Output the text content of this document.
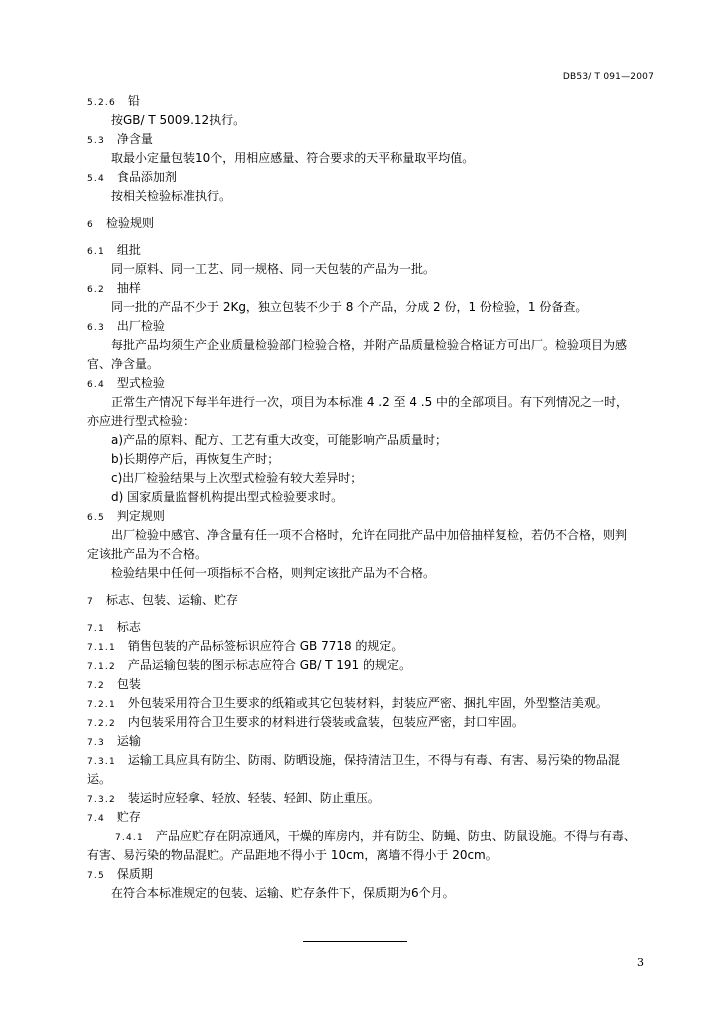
DB53/ T 091—2007
5.2.6 铅
按GB/ T 5009.12执行。
5.3 净含量
取最小定量包装10个，用相应感量、符合要求的天平称量取平均值。
5.4 食品添加剂
按相关检验标准执行。
6 检验规则
6.1 组批
同一原料、同一工艺、同一规格、同一天包装的产品为一批。
6.2 抽样
同一批的产品不少于 2Kg，独立包装不少于 8 个产品，分成 2 份，1 份检验，1 份备查。
6.3 出厂检验
每批产品均须生产企业质量检验部门检验合格，并附产品质量检验合格证方可出厂。检验项目为感
官、净含量。
6.4 型式检验
正常生产情况下每半年进行一次，项目为本标准 4 .2 至 4 .5 中的全部项目。有下列情况之一时，
亦应进行型式检验：
a)产品的原料、配方、工艺有重大改变，可能影响产品质量时；
b)长期停产后，再恢复生产时；
c)出厂检验结果与上次型式检验有较大差异时；
d) 国家质量监督机构提出型式检验要求时。
6.5 判定规则
出厂检验中感官、净含量有任一项不合格时，允许在同批产品中加倍抽样复检，若仍不合格，则判
定该批产品为不合格。
检验结果中任何一项指标不合格，则判定该批产品为不合格。
7 标志、包装、运输、贮存
7.1 标志
7.1.1 销售包装的产品标签标识应符合 GB 7718 的规定。
7.1.2 产品运输包装的图示标志应符合 GB/ T 191 的规定。
7.2 包装
7.2.1 外包装采用符合卫生要求的纸箱或其它包装材料，封装应严密、捆扎牢固，外型整洁美观。
7.2.2 内包装采用符合卫生要求的材料进行袋装或盒装，包装应严密，封口牢固。
7.3 运输
7.3.1 运输工具应具有防尘、防雨、防晒设施，保持清洁卫生，不得与有毒、有害、易污染的物品混
运。
7.3.2 装运时应轻拿、轻放、轻装、轻卸、防止重压。
7.4 贮存
7.4.1 产品应贮存在阴凉通风，干燥的库房内，并有防尘、防蝇、防虫、防鼠设施。不得与有毒、
有害、易污染的物品混贮。产品距地不得小于 10cm，离墙不得小于 20cm。
7.5 保质期
在符合本标准规定的包装、运输、贮存条件下，保质期为6个月。
3
